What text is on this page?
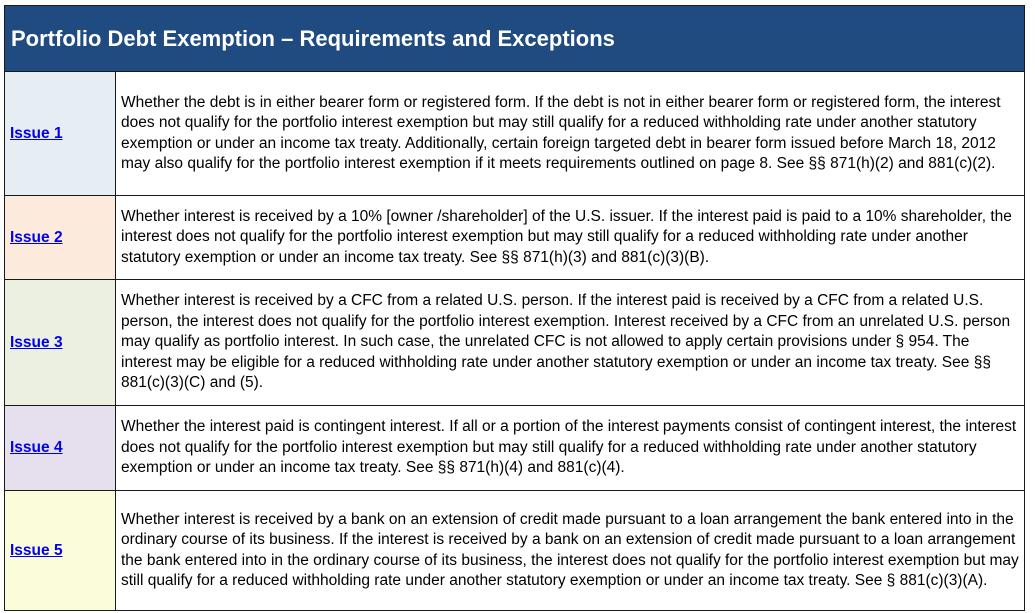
Portfolio Debt Exemption – Requirements and Exceptions
Issue 1
Whether the debt is in either bearer form or registered form. If the debt is not in either bearer form or registered form, the interest does not qualify for the portfolio interest exemption but may still qualify for a reduced withholding rate under another statutory exemption or under an income tax treaty. Additionally, certain foreign targeted debt in bearer form issued before March 18, 2012 may also qualify for the portfolio interest exemption if it meets requirements outlined on page 8. See §§ 871(h)(2) and 881(c)(2).
Issue 2
Whether interest is received by a 10% [owner /shareholder] of the U.S. issuer. If the interest paid is paid to a 10% shareholder, the interest does not qualify for the portfolio interest exemption but may still qualify for a reduced withholding rate under another statutory exemption or under an income tax treaty. See §§ 871(h)(3) and 881(c)(3)(B).
Issue 3
Whether interest is received by a CFC from a related U.S. person. If the interest paid is received by a CFC from a related U.S. person, the interest does not qualify for the portfolio interest exemption. Interest received by a CFC from an unrelated U.S. person may qualify as portfolio interest. In such case, the unrelated CFC is not allowed to apply certain provisions under § 954. The interest may be eligible for a reduced withholding rate under another statutory exemption or under an income tax treaty. See §§ 881(c)(3)(C) and (5).
Issue 4
Whether the interest paid is contingent interest. If all or a portion of the interest payments consist of contingent interest, the interest does not qualify for the portfolio interest exemption but may still qualify for a reduced withholding rate under another statutory exemption or under an income tax treaty. See §§ 871(h)(4) and 881(c)(4).
Issue 5
Whether interest is received by a bank on an extension of credit made pursuant to a loan arrangement the bank entered into in the ordinary course of its business. If the interest is received by a bank on an extension of credit made pursuant to a loan arrangement the bank entered into in the ordinary course of its business, the interest does not qualify for the portfolio interest exemption but may still qualify for a reduced withholding rate under another statutory exemption or under an income tax treaty. See § 881(c)(3)(A).
